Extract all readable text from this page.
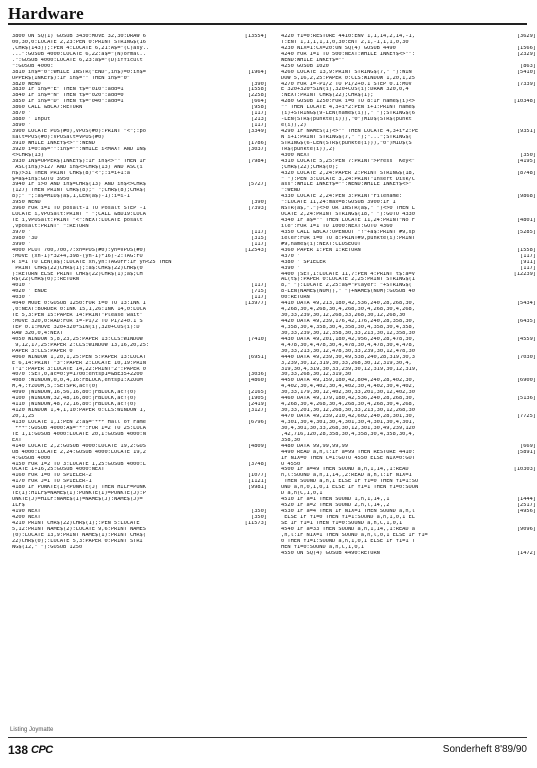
Hardware
3800 ON SQ(1) GOSUB 3430:MOVE 32,30:DRAW 6	[13554]
00,30,0:LOCATE 2,23:PEN 0:PRINT STRING$(16
,CHR$(143));:PEN 4:LOCATE 6,21:A$="(C)asy..
...":GOSUB 4000:LOCATE 6,22:a$="(N)ormal..
.":GOSUB 4000:LOCATE 6,23:a$="(D)ifficult
":GOSUB 4000:
3810 in$="0":WHILE INSTR("END",in$)=0:in$=	[1964]
UPPER$(INKEY$):IF in$="" THEN in$="0"
3820 WEND	[390]
3830 IF in$="E" THEN t$="010":add=1	[1558]
3840 IF in$="N" THEN t$="020":add=0	[2258]
3850 IF in$="D" THEN t$="040":add=1	[664]
3860 CALL &BCA7:RETURN	[958]
3870 '	[117]
3880 ' Input	[213]
3890 '	[117]
3900 LOCATE POS(#0),VPOS(#0):PRINT "<";:po	[3349]
salt=POS(#0):VPOSalt=VPOS(#0)
3910 WHILE INKEY$<>"":WEND	[1786]
3920 i=0:a$="":in$="":WHILE i<MAX! AND IN$	[3037]
<>CHR$(13)
3930 IN$=UPPER$(INKEY$):IF in$<>"" THEN IF	[7984]
ASC(in$)>127 AND in$<>CHR$(13) AND ASC(i
n$)>31 THEN PRINT CHR$(8)"<";:i=i+1:a
$=a$+in$:GOTO 3950
3940 IF i>0 AND in$=CHR$(13) AND in$<>CHR$	[5727]
(127) THEN PRINT CHR$(8);" ";CHR$(8);CHR$(
8);" ";:a$=MID$(a$,1,LEN(a$)-1):i=i-1
3950 WEND	[390]
3960 FOR i=1 TO posalt-1 TO Posalt STEP -1	[7393]
LOCATE i,VPOSalt:PRINT " ";CALL &BD19:LOCA
TE i,VPOSalt:PRINT "<":NEXT:LOCATE posalt
,vposalt:PRINT" ":RETURN
3970 '	[117]
3980 '3D	[315]
3990 '	[117]
4000 PLOT 700,700,7:xn=POS(#0):yn=VPOS(#0)	[12543]
:MOVE (xn-1)*32+4,398-(yn-1)*16)-2:TAG:FO
R i=1 TO LEN(a$):LOCATE xn,yn:TAGOFF:IF yn<25 THEN
PRINT CHR$(22)CHR$(1);:a$:CHR$(22)CHR$(0
):RETURN ELSE PRINT CHR$(22)CHR$(1);a$;CH
R$(22)CHR$(0);:RETURN
4010 '	[117]
4020 ' ENDE	[715]
4030 '	[117]
4040 MODE 0:GOSUB 1250:FOR i=0 TO 13:INK I	[13977]
,0:NEXT:BORDER 0:INK 15,1,26:INK 14,0:LOCA
TE 5,3:PEN 15:PAPER 14:PRINT"Please wait"
:MOVE 320,0:RAD:FOR i=-PI/2 TO PI/2+0.1 S
TEP 0.1:MOVE 320+320*SIN(i),320+COS(i):D
RAW 320,0,4:NEXT
4050 WINDOW 5,8,23,25:PAPER 13:CLS:WINDOW	[7410]
9,12,17,25:PAPER 2:CLS:WINDOW 13,16,20,25:
PAPER 3:CLS:PAPER 0
4060 WINDOW 1,20,1,25:PEN 5:PAPER 13:LOCAT	[6951]
E 6,14:PRINT "3":PAPER 2:LOCATE 10,19:PRIN
T"1":PAPER 3:LOCATE 14,22:PRINT"2":PAPER 0
4070 :SET,0,ac=0:y=1700:entsp1=&BE35+2200	[3036]
4080 :WINDOW,0,0,4,16:FBLOCK,entsp1:XZOOM	[4860]
M,4,:YZOOM,5,:SETSPR,ac!(0)
4090 |WINDOW,16,56,16,80:|FBLOCK,ac!(0)	[2165]
4100 |WINDOW,32,48,16,80:|FBLOCK,ac!(0)	[1905]
4110 |WINDOW,48,72,16,80:|FBLOCK,ac!(0)	[2419]
4120 WINDOW 1,4,1,10:PAPER 0:CLS:WINDOW 1,	[3127]
20,1,25
4130 LOCATE 1,1:PEN 2:a$="*** Hall of Fame	[6796]
***":GOSUB 4000:A$="*":FOR I=2 TO 25:LOCA
TE 1,1:GOSUB 4000:LOCATE 20,I:GOSUB 4000:N
EXT
4140 LOCATE 2,2:GOSUB 4000:LOCATE 19,2:GOS	[4809]
UB 4000:LOCATE 2,24:GOSUB 4000:LOCATE 19,2
4:GOSUB 4000
4150 FOR I=2 TO 3:LOCATE 1,25:GOSUB 4000:L	[3748]
OCATE I+16,25:GOSUB 4000:NEXT
4160 FOR I=0 TO SPIELER-2	[1077]
4170 FOR J=I TO SPIELER-1	[1121]
4180 IF PUNKTE(I)<PUNKTE(J) THEN HILF=PUNK	[9981]
TE(I):HILF$=NAME$(I):PUNKTE(I)=PUNKTE(J):P
UNKTE(J)=HILF:NAME$(I)=NAME$(J):NAME$(J)=
ILF$
4190 NEXT	[350]
4200 NEXT	[350]
4210 PRINT CHR$(22)CHR$(1);:PEN 5:LOCATE	[11573]
5,12:PRINT NAME$(2):LOCATE 9,6:PRINT NAMES
(0):LOCATE 13,9:PRINT NAME$(1):PRINT CHR$(
22)CHR$(0);:LOCATE 5,3:PAPER 0:PRINT STRI
NG$(12," "):GOSUB 1250
4220 f1=0:RESTORE 4410:ENV 1,1,14,2,14,-1,	[3629]
T:ENT 1,1,1,1,1,0,30:ENT 2,1,-1,1,1,0,30
4230 NIX=1:CX=20:ON SQ(4) GOSUB 4490	[1566]
4240 FOR I=1 TO 500:NEXT:WHILE INKEY$<>"":	[2329]
WEND:WHILE INKEY$=""
4250 GOSUB 1020	[863]
4260 LOCATE 13,9:PRINT STRING$(7," "):WIN	[5410]
DOW 5,16,2,25:PAPER 0:CLS:WINDOW 1,20,1,25
4270 FOR I=-PI/2 TO PI/2+0.1 STEP 0.1:MOV	[7339]
E 320+320*SIN(i),320+COS(i):DRAW 320,0,4
:NEXT:PRINT CHR$(22);CHR$(1);
4280 GOSUB 1250:FOR i=0 TO 8:IF name$(i)<>	[10348]
"" THEN LOCATE 4,3+i*2:PEN i+1:PRINT name$
(i)+STRING$(9-LEN(name$(i))," ");STRING$(6
-LEN(STR$(punkte(i))),"0")MID$(STR$(punkt
e(i)),2)
4290 IF NAMES(I)<>"" THEN LOCATE 4,3+i*2:PE	[9351]
N i+1:PRINT STRING$(7," ");"...";STRING$(
STRING$(6-LEN(STR$(punkte(i))),"0")MID$(S
TR$(punkte(i)),2)
4300 NEXT	[350]
4310 LOCATE 5,25:PEN 7:PRINT">Press  Key<"	[4195]
;CHR$(22);CHR$(0);
4320 LOCATE 2,24:PAPER 2:PRINT STRING$(18,	[8748]
" "):PEN 3:LOCATE 3,24:PRINT"Insert Disk/C
ass":WHILE INKEY$="":WEND:WHILE INKEY$<>"
":WEND
4330 LOCATE 2,24:PEN 3:PRINT"Filename:	[9868]
":LOCATE 11,24:max=8:GOSUB 3900:IF I
NSTR(a$,".")<>0 OR INSTR(a$," ")<>0 THEN L
OCATE 2,24:PRINT STRING$(18," "):GOTO 4330
4340 IF a$="" THEN LOCATE 11,24:PRINT"No F	[4801]
ile":FOR I=1 TO 1000:NEXT:GOTO 4360
4350 CALL &BCA7:OPENOUT "!"+a$:PRINT #9,sp	[5285]
ieler:FOR i=0 TO 8:PRINT#9,punkte(i):PRINT
#9,name$(i):NEXT:CLOSEOUT
4360 PAPER 1:PEN 1:RETURN	[1558]
4370 '	[117]
4380 ' SPIELER	[911]
4390 '	[117]
4400 |SET,1:LOCATE 11,7:PEN 4:PRINT t$:a=V	[12239]
AL(t$):PAPER 0:LOCATE 2,25:PRINT STRING$(1
8," "):LOCATE 2,25:a$="Player: "+STRING$(
8-LEN(NAME$(NUM))," ")+NAME$(NUM):GOSUB 40
00:RETURN
4410 DATA 49,213,180,42,536,240,28,268,30,	[5434]
4,268,30,4,268,30,4,268,30,4,268,30,4,268,
30,33,239,30,12,268,33,268,30,12,268,30
4420 DATA 49,239,176,42,176,240,28,358,30,	[6435]
4,358,30,4,358,30,4,358,30,4,358,30,4,358,
30,33,239,30,12,358,30,33,213,30,12,358,30
4430 DATA 49,201,180,42,956,240,28,478,30,	[4559]
4,478,30,4,478,30,4,478,30,4,478,30,4,478,
30,33,213,30,12,478,30,33,239,30,12,478,30
4440 DATA 49,239,30,49,538,240,28,319,30,3	[7030]
3,239,30,12,319,30,33,268,30,12,319,30,4,
319,30,4,319,30,33,239,30,12,319,30,12,319,
30,33,268,30,12,319,30
4450 DATA 49,159,180,42,804,240,28,402,30,	[6900]
4,402,30,4,402,30,4,402,30,4,402,30,4,402,
30,33,179,30,12,402,30,33,201,30,12,402,30
4460 DATA 49,179,180,42,536,240,28,268,30,	[5136]
4,268,30,4,268,30,4,268,30,4,268,30,4,268,
30,33,201,30,12,268,30,33,213,30,12,268,30
4470 DATA 49,239,210,42,602,240,28,301,30,	[7725]
4,301,30,4,301,30,4,301,30,4,301,30,4,301,
30,4,301,30,33,268,30,12,301,30,49,239,120
,42,716,120,28,358,30,4,358,30,4,358,30,4,
358,30
4480 DATA 99,99,99,99	[669]
4490 READ a,h,l:IF a=99 THEN RESTORE 4410:	[5891]
IF NIX=0 THEN C=1:GOTO 4550 ELSE NIX=0:GOT
O 4550
4500 IF a=49 THEN SOUND a,h,1,14,,1:READ	[10303]
h,l:SOUND a,h,1,14,,2:READ a,h,l:IF NIX=1
THEN SOUND a,h,1 ELSE IF f1=0 THEN f1=1:SO
UND a,h,0,1,0,1 ELSE IF f1=1 THEN f1=0:SOUN
D a,h(C,1,0,1
4510 IF a=1 THEN SOUND 1,h,1,14,,1	[1444]
4520 IF a=2 THEN SOUND 2,h,l,14,,2	[2517]
4530 IF a=4 THEN IF NIX=1 THEN SOUND a,h,l	[4956]
ELSE IF f1=0 THEN f1=1:SOUND a,h,1,0,1 EL
SE IF f1=1 THEN f1=0:SOUND a,h,C,1,0,1
4540 IF a=33 THEN SOUND a,h,1,14,,1:READ a	[9096]
,h,l:IF NIX=1 THEN SOUND a,h,l,0,1 ELSE IF f1=
0 THEN f1=1:SOUND a,h,1,0,1 ELSE IF f1=1 T
HEN f1=0:SOUND a,h,C,1,0,1
4550 ON SQ(4) GOSUB 4490:RETURN	[1472]
Listing Joymatte
138 CPC	Sonderheft 8'89/90
